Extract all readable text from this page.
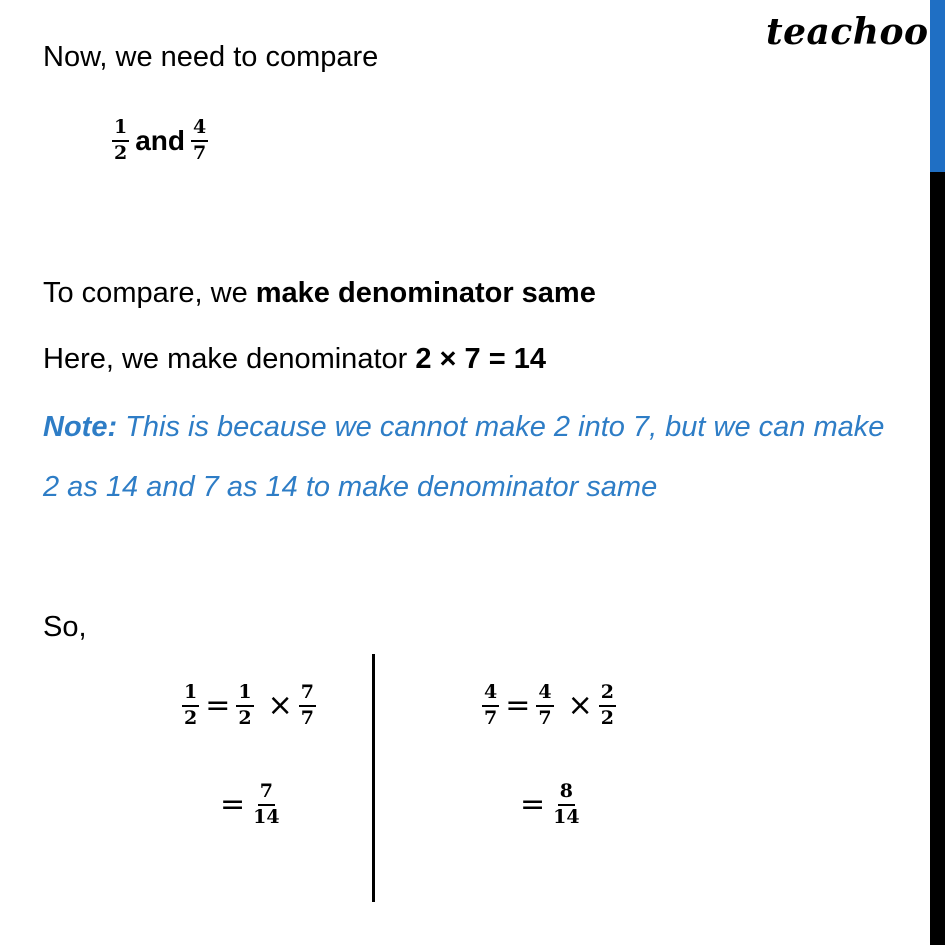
teachoo
Now, we need to compare
$\frac{1}{2}$ and $\frac{4}{7}$
To compare, we make denominator same
Here, we make denominator 2 × 7 = 14
Note: This is because we cannot make 2 into 7, but we can make
2 as 14 and 7 as 14 to make denominator same
So,
$\frac{1}{2} = \frac{1}{2} \times \frac{7}{7}$
= $\frac{7}{14}$
$\frac{4}{7} = \frac{4}{7} \times \frac{2}{2}$
= $\frac{8}{14}$
